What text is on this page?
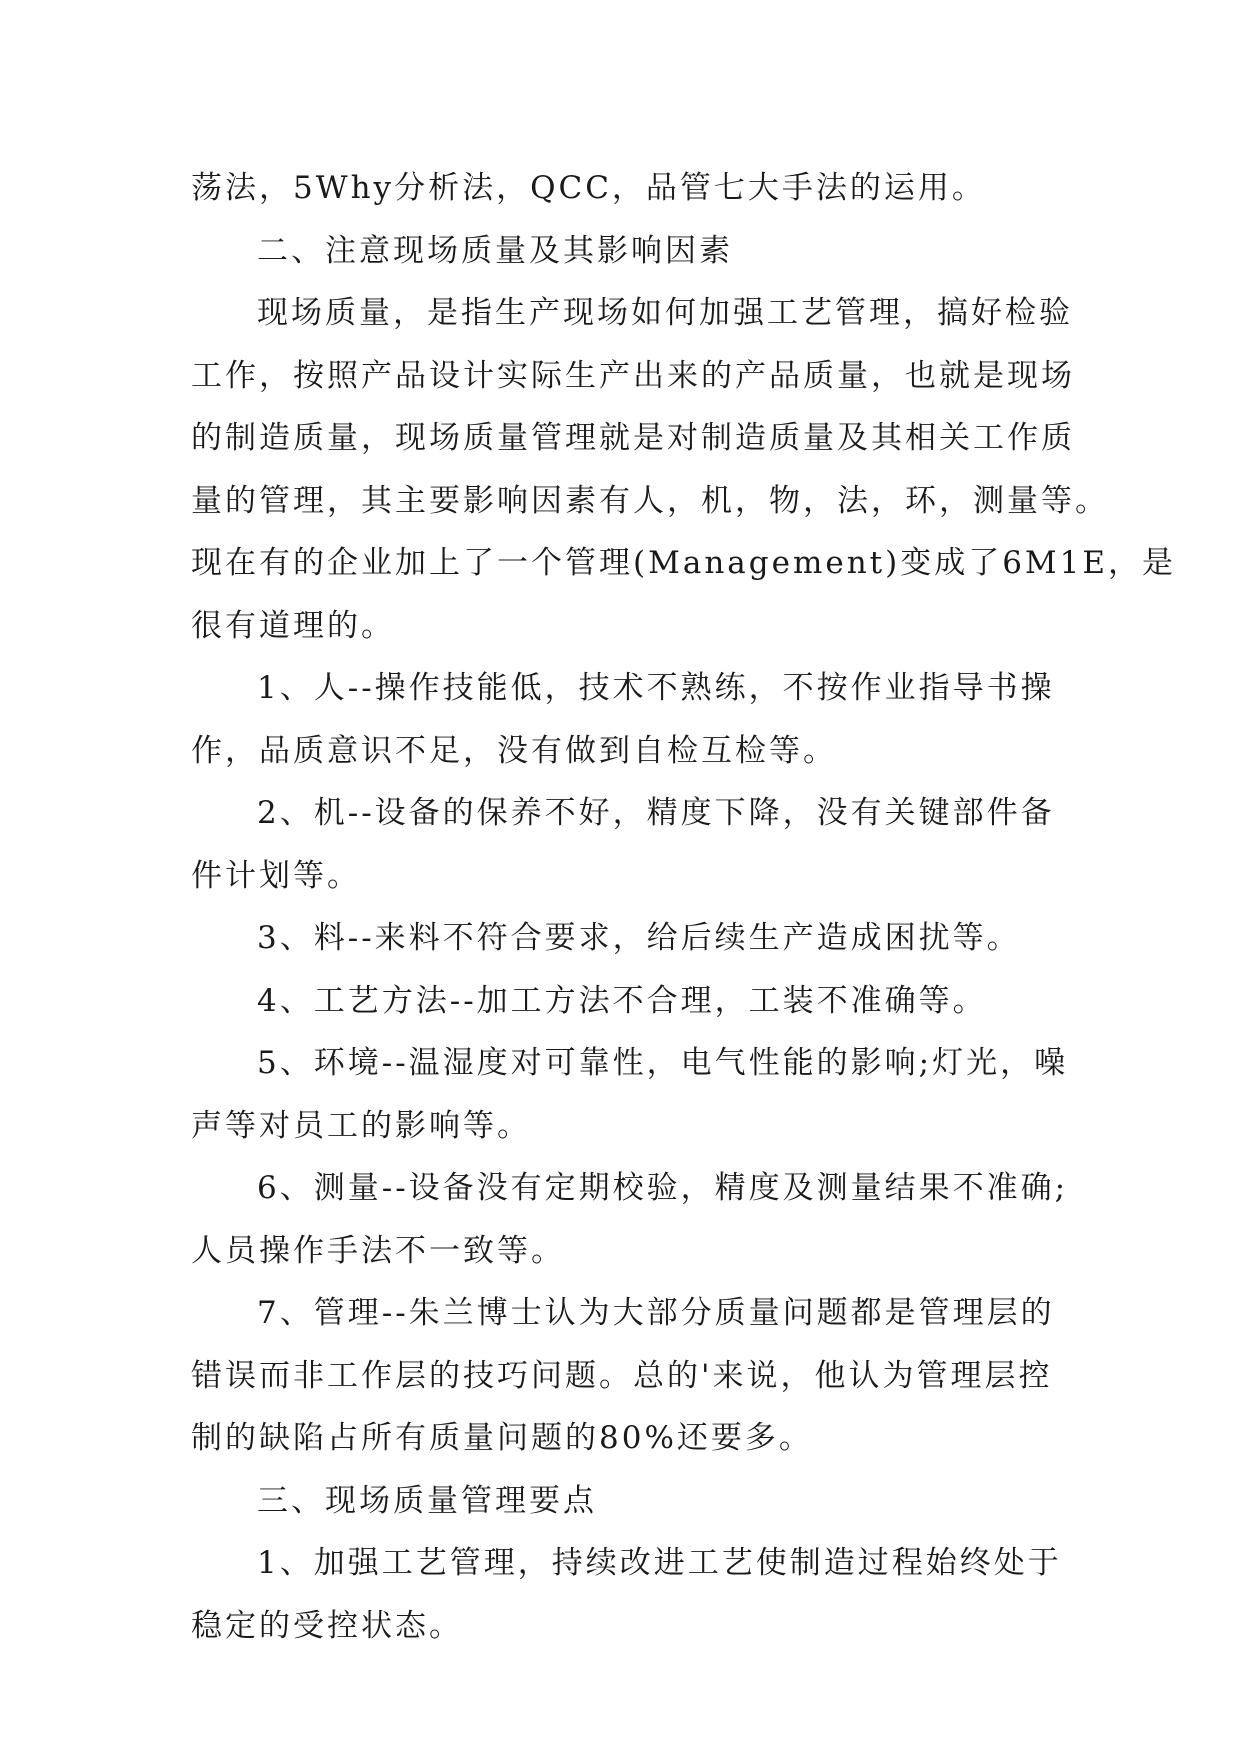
荡法，5Why分析法，QCC，品管七大手法的运用。

二、注意现场质量及其影响因素

现场质量，是指生产现场如何加强工艺管理，搞好检验

工作，按照产品设计实际生产出来的产品质量，也就是现场

的制造质量，现场质量管理就是对制造质量及其相关工作质

量的管理，其主要影响因素有人，机，物，法，环，测量等。

现在有的企业加上了一个管理(Management)变成了6M1E，是

很有道理的。

1、人--操作技能低，技术不熟练，不按作业指导书操

作，品质意识不足，没有做到自检互检等。

2、机--设备的保养不好，精度下降，没有关键部件备

件计划等。

3、料--来料不符合要求，给后续生产造成困扰等。

4、工艺方法--加工方法不合理，工装不准确等。

5、环境--温湿度对可靠性，电气性能的影响;灯光，噪

声等对员工的影响等。

6、测量--设备没有定期校验，精度及测量结果不准确;

人员操作手法不一致等。

7、管理--朱兰博士认为大部分质量问题都是管理层的

错误而非工作层的技巧问题。总的'来说，他认为管理层控

制的缺陷占所有质量问题的80%还要多。

三、现场质量管理要点

1、加强工艺管理，持续改进工艺使制造过程始终处于

稳定的受控状态。
